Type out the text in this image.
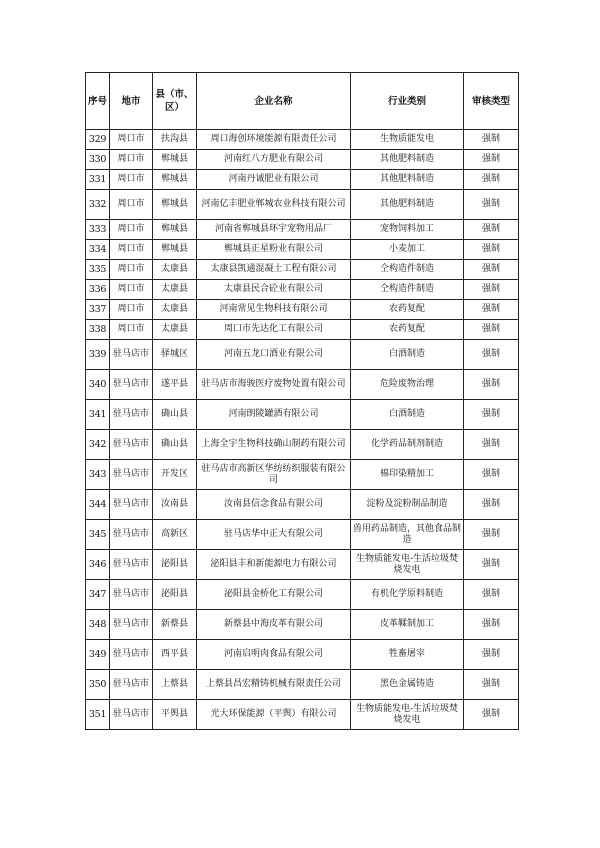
序号	地市	县（市、区）	企业名称	行业类别	审核类型
329	周口市	扶沟县	周口海创环境能源有限责任公司	生物质能发电	强制
330	周口市	郸城县	河南红八方肥业有限公司	其他肥料制造	强制
331	周口市	郸城县	河南丹诚肥业有限公司	其他肥料制造	强制
332	周口市	郸城县	河南亿丰肥业郸城农业科技有限公司	其他肥料制造	强制
333	周口市	郸城县	河南省郸城县环宇宠物用品厂	宠物饲料加工	强制
334	周口市	郸城县	郸城县正星粉业有限公司	小麦加工	强制
335	周口市	太康县	太康县凯通混凝土工程有限公司	仝构造件制造	强制
336	周口市	太康县	太康县民合砼业有限公司	仝构造件制造	强制
337	周口市	太康县	河南常见生物科技有限公司	农药复配	强制
338	周口市	太康县	周口市先达化工有限公司	农药复配	强制
339	驻马店市	驿城区	河南五龙口酒业有限公司	白酒制造	强制
340	驻马店市	遂平县	驻马店市海骏医疗废物处置有限公司	危险废物治理	强制
341	驻马店市	确山县	河南朗陵罐酒有限公司	白酒制造	强制
342	驻马店市	确山县	上海全宇生物科技确山制药有限公司	化学药品制剂制造	强制
343	驻马店市	开发区	驻马店市高新区华纺纺织服装有限公司	棉印染精加工	强制
344	驻马店市	汝南县	汝南县信念食品有限公司	淀粉及淀粉制品制造	强制
345	驻马店市	高新区	驻马店华中正大有限公司	兽用药品制造，其他食品制造	强制
346	驻马店市	泌阳县	泌阳县丰和新能源电力有限公司	生物质能发电-生活垃圾焚烧发电	强制
347	驻马店市	泌阳县	泌阳县金桥化工有限公司	有机化学原料制造	强制
348	驻马店市	新蔡县	新蔡县中海皮革有限公司	皮革鞣制加工	强制
349	驻马店市	西平县	河南启明肉食品有限公司	牲畜屠宰	强制
350	驻马店市	上蔡县	上蔡县昌宏精铸机械有限责任公司	黑色金属铸造	强制
351	驻马店市	平舆县	光大环保能源（平舆）有限公司	生物质能发电-生活垃圾焚烧发电	强制
